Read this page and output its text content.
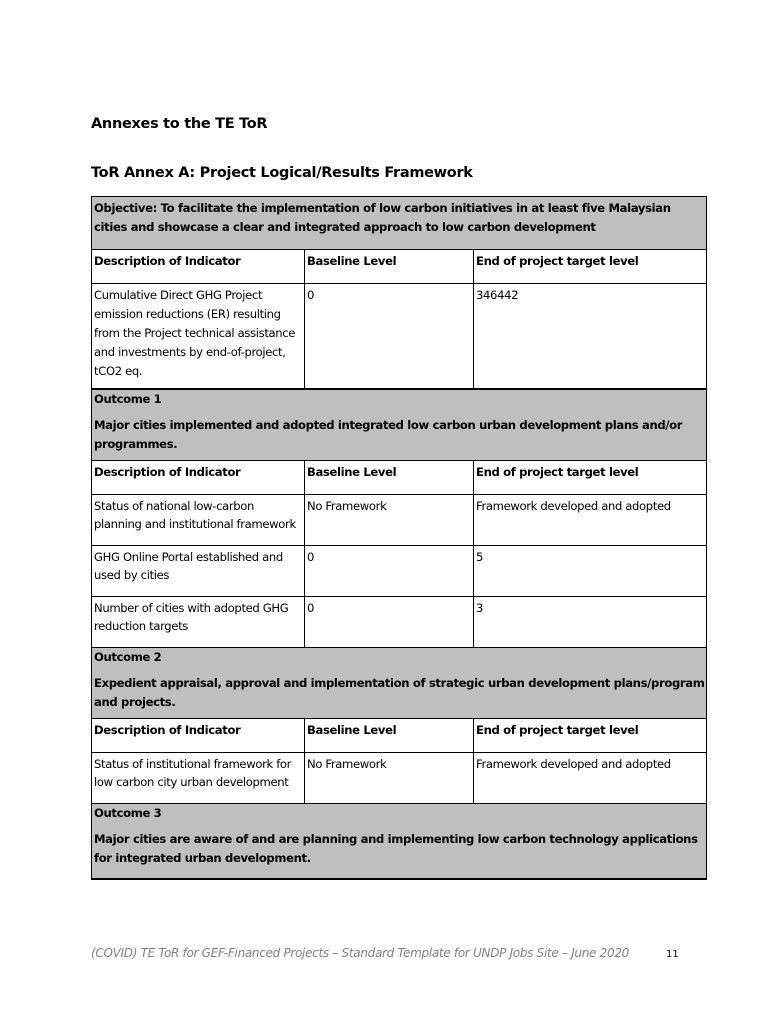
Annexes to the TE ToR
ToR Annex A: Project Logical/Results Framework
Objective: To facilitate the implementation of low carbon initiatives in at least five Malaysian cities and showcase a clear and integrated approach to low carbon development		
Description of Indicator	Baseline Level	End of project target level
Cumulative Direct GHG Project emission reductions (ER) resulting from the Project technical assistance and investments by end-of-project, tCO2 eq.	0	346442

Outcome 1
Major cities implemented and adopted integrated low carbon urban development plans and/or programmes.		
Description of Indicator	Baseline Level	End of project target level
Status of national low-carbon planning and institutional framework	No Framework	Framework developed and adopted
GHG Online Portal established and used by cities	0	5
Number of cities with adopted GHG reduction targets	0	3

Outcome 2
Expedient appraisal, approval and implementation of strategic urban development plans/program and projects.		
Description of Indicator	Baseline Level	End of project target level
Status of institutional framework for low carbon city urban development	No Framework	Framework developed and adopted

Outcome 3
Major cities are aware of and are planning and implementing low carbon technology applications for integrated urban development.		
(COVID) TE ToR for GEF-Financed Projects – Standard Template for UNDP Jobs Site – June 2020	11
